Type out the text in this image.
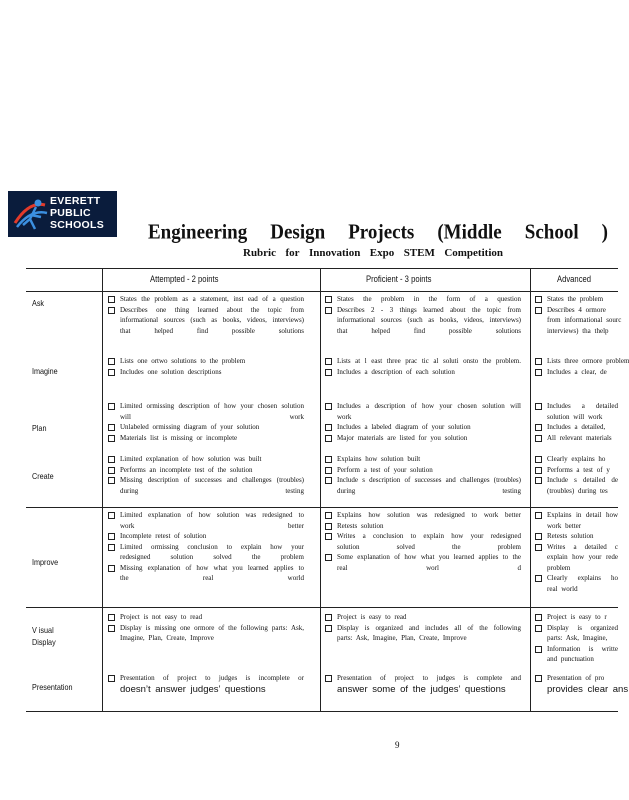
EVERETT
PUBLIC
SCHOOLS Engineering Design Projects (Middle School )
Rubric for Innovation Expo STEM Competition
Attempted - 2 points	Proficient - 3 points	Advanced
Ask
Imagine
Plan
Create
Improve
V isual Display
Presentation
States the problem as a statement, inst ead of a question
Describes one thing learned about the topic from informational sources (such as books, videos, interviews) that helped find possible solutions
States the problem in the form of a question
Describes 2 - 3 things learned about the topic from informational sources (such as books, videos, interviews) that helped find possible solutions
States the problem
Describes 4 ormore
from informational sourc
interviews) tha thelp
Lists one ortwo solutions to the problem
Includes one solution descriptions
Lists at l east three prac tic al soluti onsto the problem.
Includes a description of each solution
Lists three ormore problem
Includes a clear, de
Limited ormissing description of how your chosen solution will work
Unlabeled ormissing diagram of your solution
Materials list is missing or incomplete
Includes a description of how your chosen solution will work
Includes a labeled diagram of your solution
Major materials are listed for you solution
Includes a detailed solution will work
Includes a detailed,
All relevant materials
Limited explanation of how solution was built
Performs an incomplete test of the solution
Missing description of successes and challenges (troubles) during testing
Explains how solution built
Perform a test of your solution
Include s description of successes and challenges (troubles) during testing
Clearly explains ho
Performs a test of y
Include s detailed de (troubles) during tes
Limited explanation of how solution was redesigned to work better
Incomplete retest of solution
Limited ormissing conclusion to explain how your redesigned solution solved the problem
Missing explanation of how what you learned applies to the real world
Explains how solution was redesigned to work better
Retests solution
Writes a conclusion to explain how your redesigned solution solved the problem
Some explanation of how what you learned applies to the real worl d
Explains in detail how work better
Retests solution
Writes a detailed c explain how your rede problem
Clearly explains ho real world
Project is not easy to read
Display is missing one ormore of the following parts: Ask, Imagine, Plan, Create, Improve
Project is easy to read
Display is organized and includes all of the following parts: Ask, Imagine, Plan, Create, Improve
Project is easy to r
Display is organized parts: Ask, Imagine,
Information is writte and punctuation
Presentation of project to judges is incomplete or
doesn’t answer judges’ questions
Presentation of project to judges is complete and
answer some of the judges’ questions
Presentation of pro
provides clear ans
9
